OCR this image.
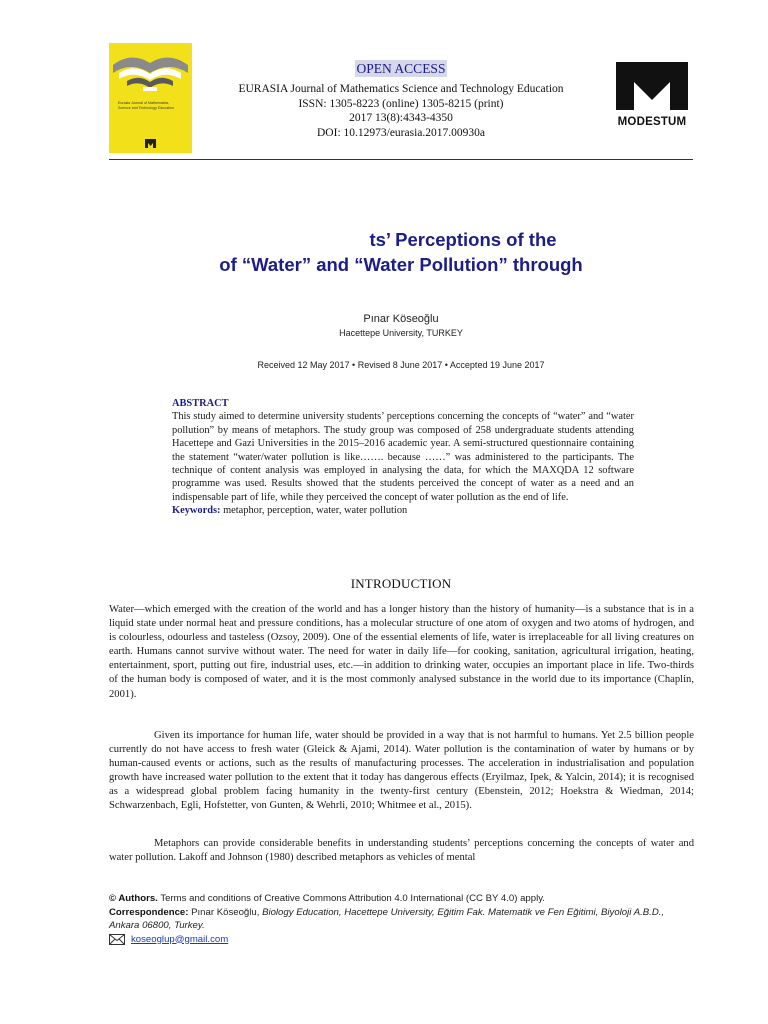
Eurasia Journal of Mathematics,
Science and Technology Education
OPEN ACCESS
EURASIA Journal of Mathematics Science and Technology Education
ISSN: 1305-8223 (online) 1305-8215 (print)
2017 13(8):4343-4350
DOI: 10.12973/eurasia.2017.00930a
MODESTUM
ts’ Perceptions of the
of “Water” and “Water Pollution” through
Pınar Köseoğlu
Hacettepe University, TURKEY
Received 12 May 2017 • Revised 8 June 2017 • Accepted 19 June 2017
ABSTRACT
This study aimed to determine university students’ perceptions concerning the concepts of “water” and “water pollution” by means of metaphors. The study group was composed of 258 undergraduate students attending Hacettepe and Gazi Universities in the 2015–2016 academic year. A semi-structured questionnaire containing the statement “water/water pollution is like……. because ……” was administered to the participants. The technique of content analysis was employed in analysing the data, for which the MAXQDA 12 software programme was used. Results showed that the students perceived the concept of water as a need and an indispensable part of life, while they perceived the concept of water pollution as the end of life.
Keywords: metaphor, perception, water, water pollution
INTRODUCTION
Water—which emerged with the creation of the world and has a longer history than the history of humanity—is a substance that is in a liquid state under normal heat and pressure conditions, has a molecular structure of one atom of oxygen and two atoms of hydrogen, and is colourless, odourless and tasteless (Ozsoy, 2009). One of the essential elements of life, water is irreplaceable for all living creatures on earth. Humans cannot survive without water. The need for water in daily life—for cooking, sanitation, agricultural irrigation, heating, entertainment, sport, putting out fire, industrial uses, etc.—in addition to drinking water, occupies an important place in life. Two-thirds of the human body is composed of water, and it is the most commonly analysed substance in the world due to its importance (Chaplin, 2001).
Given its importance for human life, water should be provided in a way that is not harmful to humans. Yet 2.5 billion people currently do not have access to fresh water (Gleick & Ajami, 2014). Water pollution is the contamination of water by humans or by human-caused events or actions, such as the results of manufacturing processes. The acceleration in industrialisation and population growth have increased water pollution to the extent that it today has dangerous effects (Eryilmaz, Ipek, & Yalcin, 2014); it is recognised as a widespread global problem facing humanity in the twenty-first century (Ebenstein, 2012; Hoekstra & Wiedman, 2014; Schwarzenbach, Egli, Hofstetter, von Gunten, & Wehrli, 2010; Whitmee et al., 2015).
Metaphors can provide considerable benefits in understanding students’ perceptions concerning the concepts of water and water pollution. Lakoff and Johnson (1980) described metaphors as vehicles of mental
© Authors. Terms and conditions of Creative Commons Attribution 4.0 International (CC BY 4.0) apply.
Correspondence: Pınar Köseoğlu, Biology Education, Hacettepe University, Eğitim Fak. Matematik ve Fen Eğitimi, Biyoloji A.B.D., Ankara 06800, Turkey.
koseoglup@gmail.com
